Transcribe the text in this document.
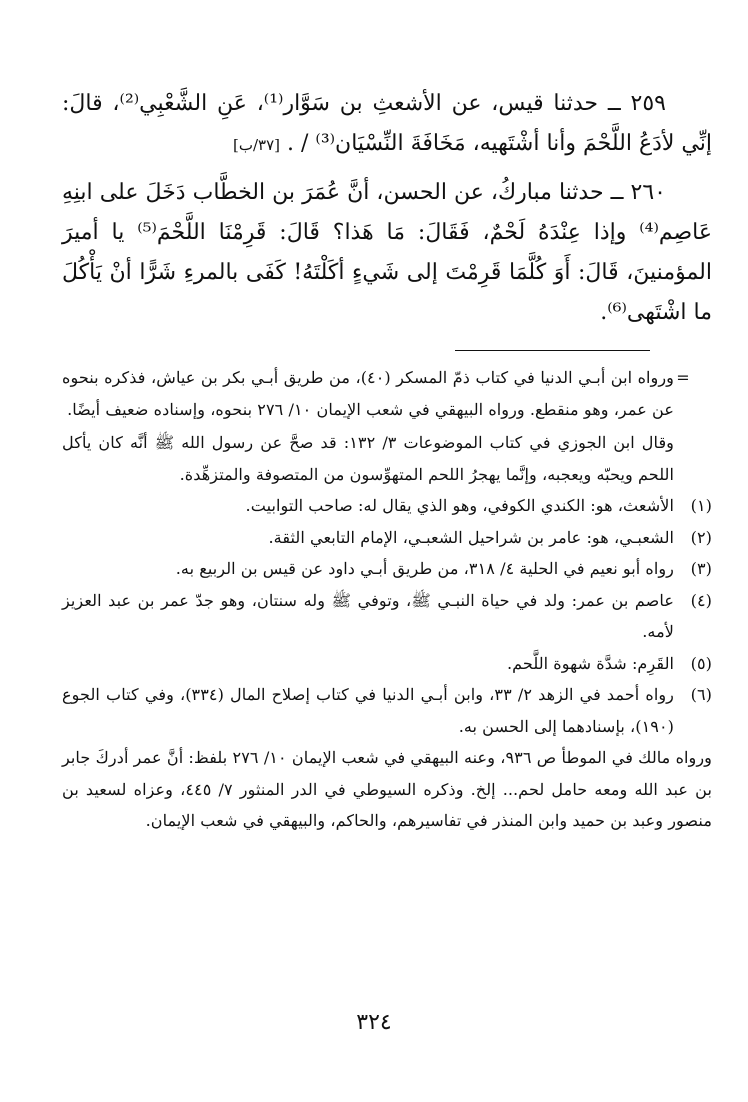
٢٥٩ ــ حدثنا قيس، عن الأشعثِ بن سَوَّار⁽¹⁾، عَنِ الشَّعْبِي⁽²⁾، قالَ: إنِّي لأدَعُ اللَّحْمَ وأنا أشْتَهيه، مَخَافَةَ النِّسْيَان⁽³⁾ / . [٣٧/ب]

٢٦٠ ــ حدثنا مباركُ، عن الحسن، أنَّ عُمَرَ بن الخطَّاب دَخَلَ على ابنِهِ عَاصِم⁽⁴⁾ وإذا عِنْدَهُ لَحْمٌ، فَقَالَ: مَا هَذا؟ قَالَ: قَرِمْنَا اللَّحْمَ⁽⁵⁾ يا أميرَ المؤمنينَ، قَالَ: أَوَ كُلَّمَا قَرِمْتَ إلى شَيءٍ أكَلْتَهُ! كَفَى بالمرءِ شَرًّا أنْ يَأْكُلَ ما اشْتَهى⁽⁶⁾.

=

ورواه ابن أبـي الدنيا في كتاب ذمّ المسكر (٤٠)، من طريق أبـي بكر بن عياش، فذكره بنحوه عن عمر، وهو منقطع. ورواه البيهقي في شعب الإيمان ١٠/ ٢٧٦ بنحوه، وإسناده ضعيف أيضًا.

وقال ابن الجوزي في كتاب الموضوعات ٣/ ١٣٢: قد صحَّ عن رسول الله ﷺ أنَّه كان يأكل اللحم ويحبّه ويعجبه، وإنَّما يهجرُ اللحم المتهوِّسون من المتصوفة والمتزهِّدة.

(١)
الأشعث، هو: الكندي الكوفي، وهو الذي يقال له: صاحب التوابيت.
(٢)
الشعبـي، هو: عامر بن شراحيل الشعبـي، الإمام التابعي الثقة.
(٣)
رواه أبو نعيم في الحلية ٤/ ٣١٨، من طريق أبـي داود عن قيس بن الربيع به.
(٤)
عاصم بن عمر: ولد في حياة النبـي ﷺ، وتوفي ﷺ وله سنتان، وهو جدّ عمر بن عبد العزيز لأمه.
(٥)
القَرِم: شدَّة شهوة اللَّحم.
(٦)
رواه أحمد في الزهد ٢/ ٣٣، وابن أبـي الدنيا في كتاب إصلاح المال (٣٣٤)، وفي كتاب الجوع (١٩٠)، بإسنادهما إلى الحسن به.

ورواه مالك في الموطأ ص ٩٣٦، وعنه البيهقي في شعب الإيمان ١٠/ ٢٧٦ بلفظ: أنَّ عمر أدركَ جابر بن عبد الله ومعه حامل لحم... إلخ. وذكره السيوطي في الدر المنثور ٧/ ٤٤٥، وعزاه لسعيد بن منصور وعبد بن حميد وابن المنذر في تفاسيرهم، والحاكم، والبيهقي في شعب الإيمان.

٣٢٤
